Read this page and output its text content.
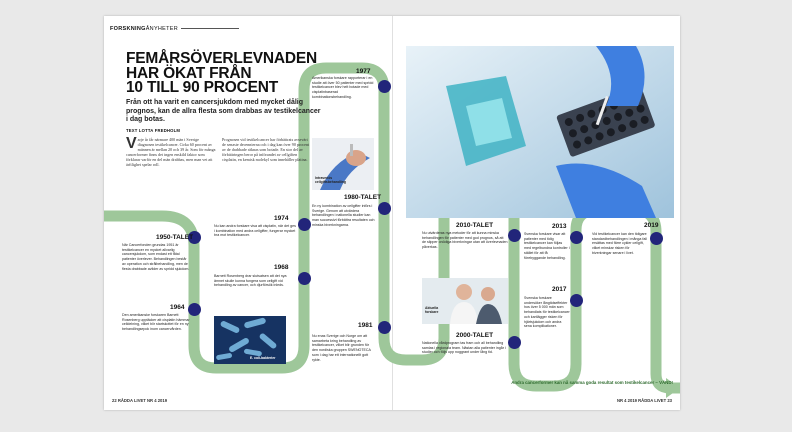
FORSKNINGÅNYHETER
FEMÅRSÖVERLEVNADEN
HAR ÖKAT FRÅN
10 TILL 90 PROCENT
Från ott ha varit en cancersjukdom med mycket dålig prognos, kan de allra flesta som drabbas av testikelcancer i dag botas.
TEXT LOTTA FREDHOLM
Varje år får närmare 400 män i Sverige diagnosen testikelcancer. Cirka 60 procent av männen är mellan 20 och 39 år. Som för många cancerformer finns det ingen enskild faktor som förklarar varför en del män drabbas, men man vet att ärftlighet spelar roll.
Prognosen vid testikelcancer har förbättrats avsevärt de senaste decennierna och i dag kan över 90 procent av de drabbade räknas som botade. En stor del av förbättringen beror på införandet av cellgiften cisplatin, en kemisk molekyl som innehåller platina.
1950-TALET
När Cancerfonden grundas 1951 är testikelcancer en mycket allvarlig cancersjukdom, som endast ett fåtal patienter överlever. Behandlingen består av operation och strålbehandling, men de flesta drabbade avlider av spridd sjukdom.
1964
Den amerikanske forskaren Barnett Rosenberg upptäcker att cisplatin hämmar celldelning, vilket blir startskottet för en ny behandlingsepok inom cancervården.
1974
Nu kan andra forskare visa att cisplatin, när det ges i kombination med andra cellgifter, fungerar mycket bra mot testikelcancer.
1968
Barnett Rosenberg drar slutsatsen att det nya ämnet skulle kunna fungera som cellgift vid behandling av cancer, och djurförsök inleds.
E. coli-bakterier
1977
Amerikanska forskare rapporterar i en studie att över 50 patienter med spridd testikelcancer blev helt botade med cisplatinbaserad kombinationsbehandling.
Intravenös cellgiftsbehandling
1980-TALET
En ny kombination av cellgifter införs i Sverige. Genom att utvärdera behandlingen i nationella studier kan man successivt förbättra resultaten och minska biverkningarna.
1981
Nu enas Sverige och Norge om att samarbeta kring behandling av testikelcancer, vilket blir grunden för den nordiska gruppen SWENOTECA som i dag har ett internationellt gott rykte.
2010-TALET
Nu utvärderas nya metoder för att kunna minska behandlingen för patienter med god prognos, så att de slipper onödiga biverkningar utan att överlevnaden påverkas.
Aktuella forskare
2000-TALET
Nationella vårdprogram tas fram och all behandling samlas i regionala team. Nästan alla patienter ingår i studier och följs upp noggrant under lång tid.
2013
Svenska forskare visar att patienter med tidig testikelcancer kan följas med regelbundna kontroller i stället för att få förebyggande behandling.
2017
Svenska forskare undersöker långtidseffekter hos över 5 000 män som behandlats för testikelcancer och kartlägger risken för hjärtsjukdom och andra sena komplikationer.
2019
Vid testikelcancer kan den tidigare standardbehandlingen i många fall ersättas med färre cykler cellgift, vilket minskar risken för biverkningar senare i livet.
Andra cancerformer kan nå samma goda resultat som testikelcancer – VÄND!
22 RÅDDA LIVET NR 4 2019	NR 4 2019 RÅDDA LIVET 23
